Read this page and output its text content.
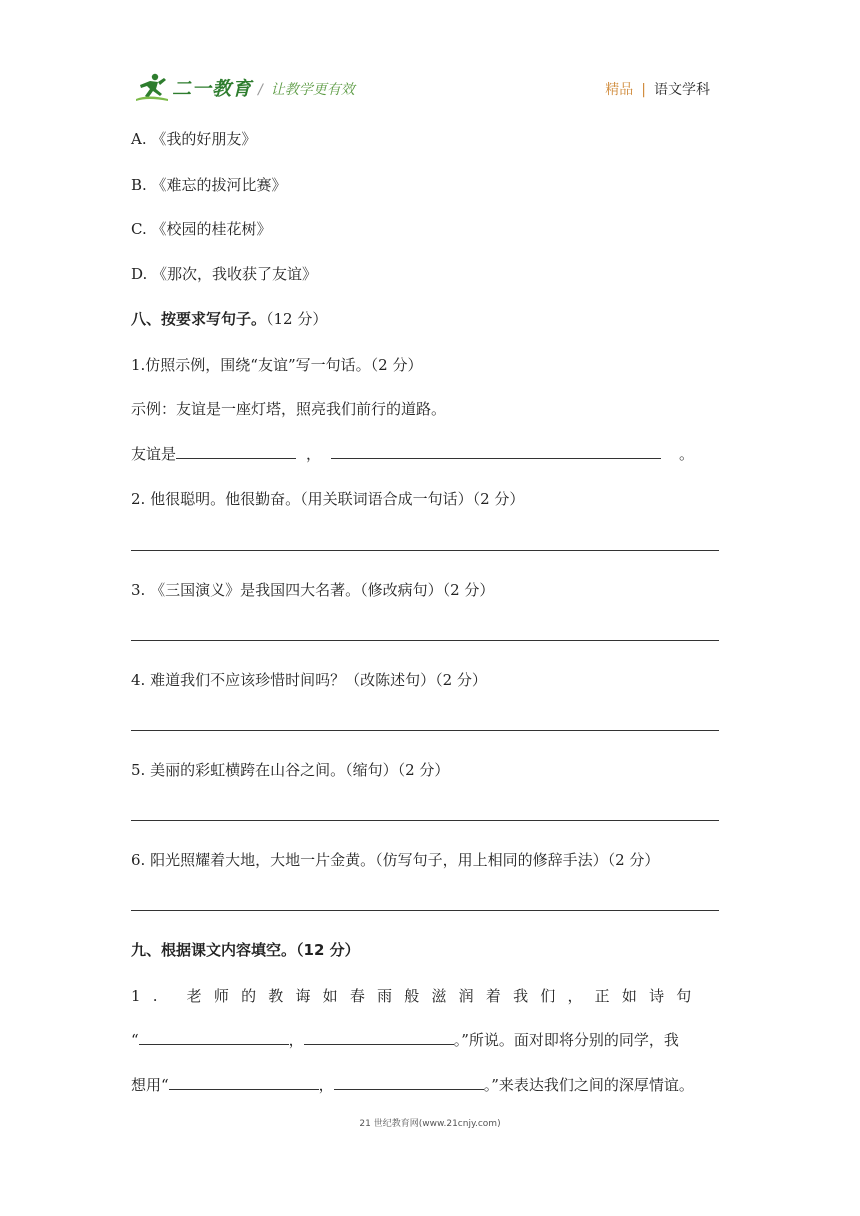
二一教育 / 让教学更有效	精品 | 语文学科
A. 《我的好朋友》
B. 《难忘的拔河比赛》
C. 《校园的桂花树》
D. 《那次，我收获了友谊》
八、按要求写句子。（12 分）
1.仿照示例，围绕“友谊”写一句话。（2 分）
示例：友谊是一座灯塔，照亮我们前行的道路。
友谊是	，	。
2. 他很聪明。他很勤奋。（用关联词语合成一句话）（2 分）
3. 《三国演义》是我国四大名著。（修改病句）（2 分）
4. 难道我们不应该珍惜时间吗？（改陈述句）（2 分）
5. 美丽的彩虹横跨在山谷之间。（缩句）（2 分）
6. 阳光照耀着大地，大地一片金黄。（仿写句子，用上相同的修辞手法）（2 分）
九、根据课文内容填空。（12 分）
1. 老师的教诲如春雨般滋润着我们，正如诗句
“	，	。”所说。面对即将分别的同学，我
想用“	，	。”来表达我们之间的深厚情谊。
21 世纪教育网(www.21cnjy.com)
